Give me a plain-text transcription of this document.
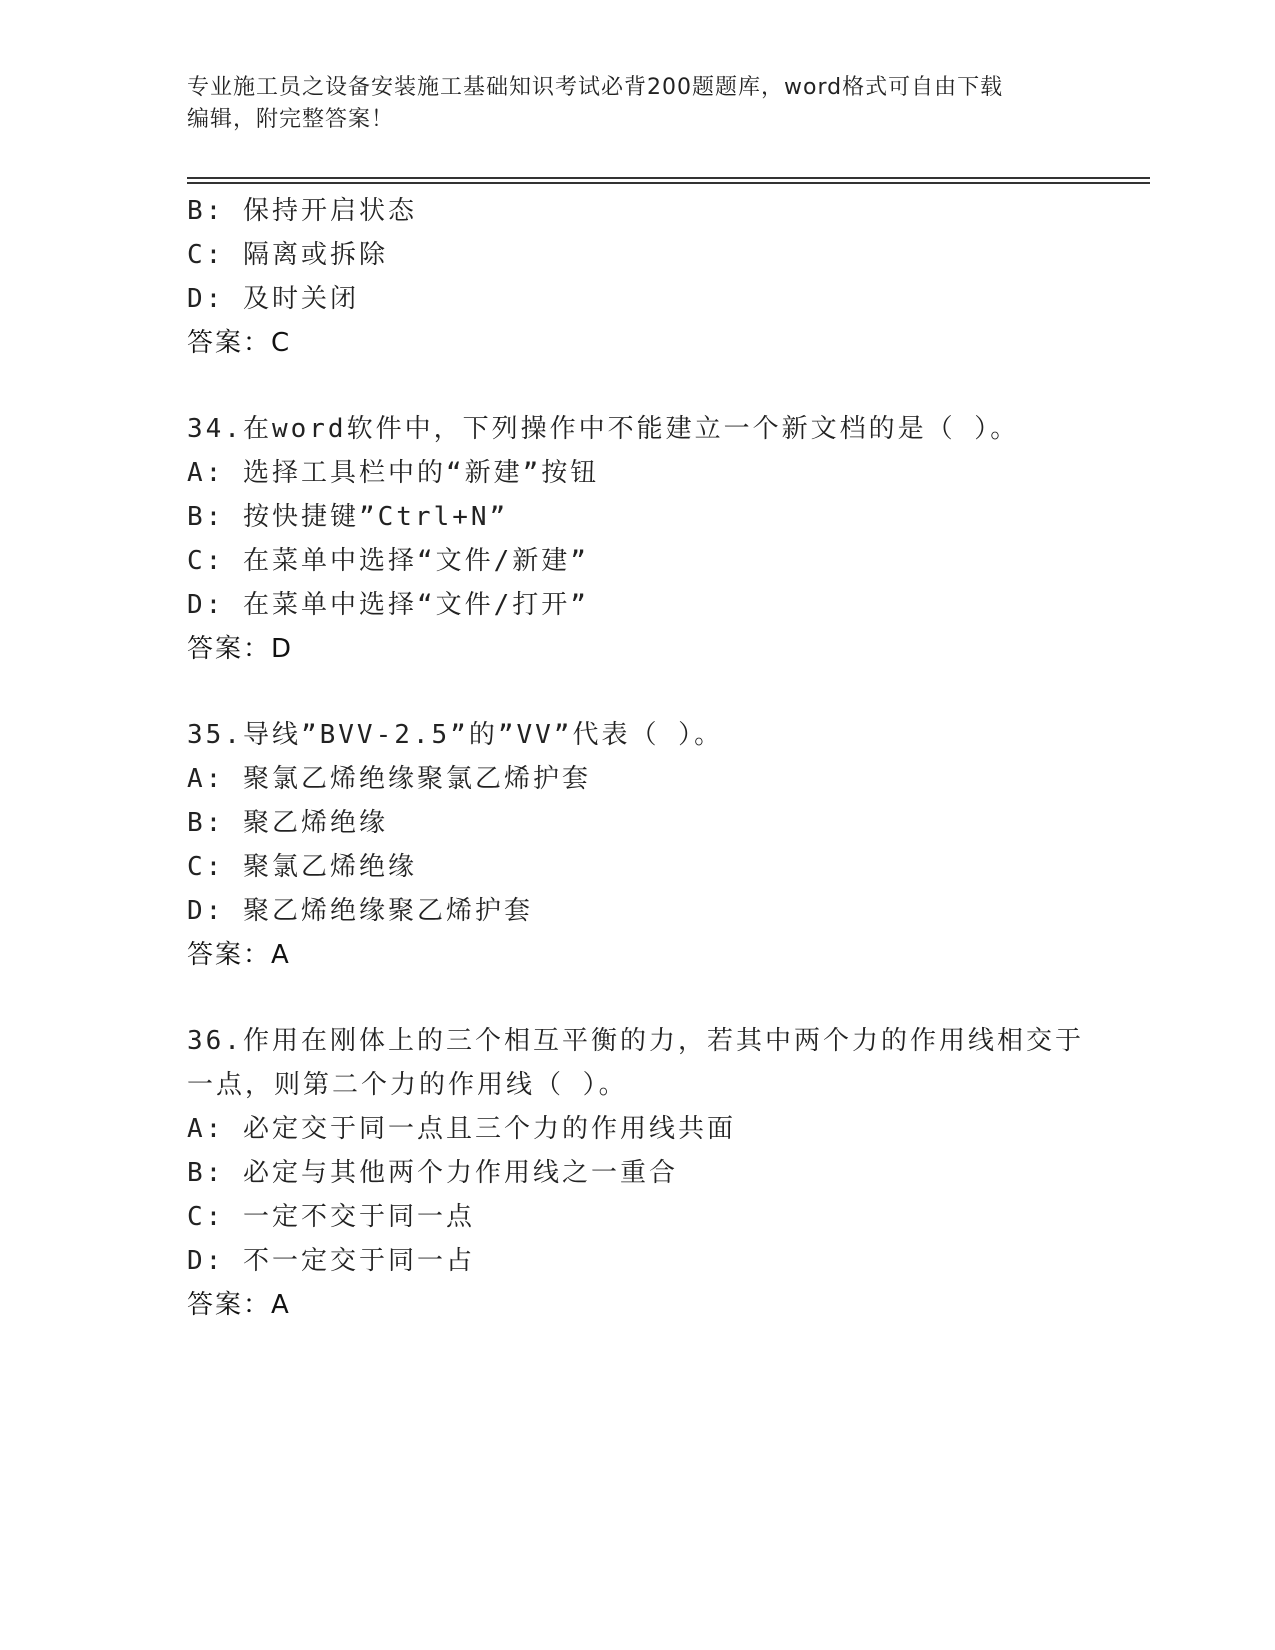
专业施工员之设备安装施工基础知识考试必背200题题库，word格式可自由下载
编辑，附完整答案！
B: 保持开启状态
C: 隔离或拆除
D: 及时关闭
答案：C
34.在word软件中，下列操作中不能建立一个新文档的是（ ）。
A: 选择工具栏中的“新建”按钮
B: 按快捷键”Ctrl+N”
C: 在菜单中选择“文件/新建”
D: 在菜单中选择“文件/打开”
答案：D
35.导线”BVV-2.5”的”VV”代表（ ）。
A: 聚氯乙烯绝缘聚氯乙烯护套
B: 聚乙烯绝缘
C: 聚氯乙烯绝缘
D: 聚乙烯绝缘聚乙烯护套
答案：A
36.作用在刚体上的三个相互平衡的力，若其中两个力的作用线相交于
一点，则第二个力的作用线（ ）。
A: 必定交于同一点且三个力的作用线共面
B: 必定与其他两个力作用线之一重合
C: 一定不交于同一点
D: 不一定交于同一占
答案：A
